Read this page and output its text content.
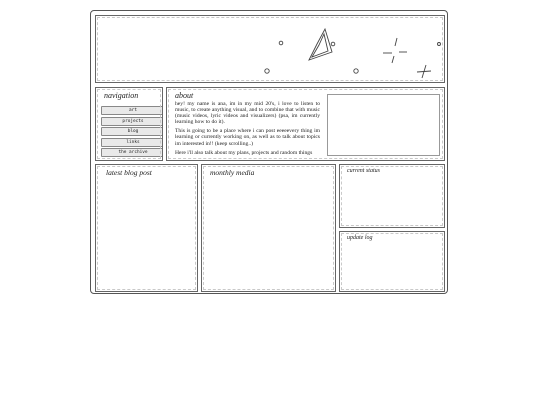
navigation
art
projects
blog
links
the archive
about

hey! my name is ana, im in my mid 20's, i love to listen to music, to create anything visual, and to combine that with music (music videos, lyric videos and visualizers) (psa, im currently learning how to do it).

This is going to be a place where i can post eeeeevery thing im learning or currently working on, as well as to talk about topics im interested in!! (keep scrolling..)

Here i'll also talk about my plans, projects and random things

latest blog post	monthly media	current status
update log
